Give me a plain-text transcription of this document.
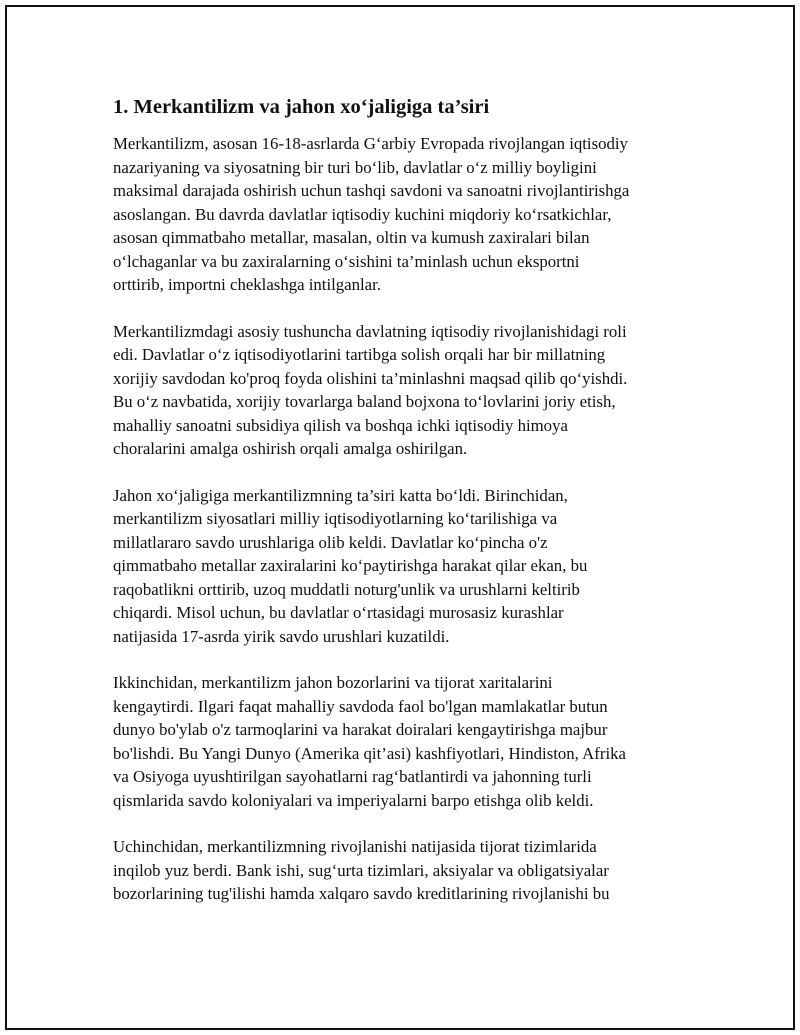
1. Merkantilizm va jahon xo‘jaligiga ta’siri

Merkantilizm, asosan 16-18-asrlarda G‘arbiy Evropada rivojlangan iqtisodiy
nazariyaning va siyosatning bir turi bo‘lib, davlatlar o‘z milliy boyligini
maksimal darajada oshirish uchun tashqi savdoni va sanoatni rivojlantirishga
asoslangan. Bu davrda davlatlar iqtisodiy kuchini miqdoriy ko‘rsatkichlar,
asosan qimmatbaho metallar, masalan, oltin va kumush zaxiralari bilan
o‘lchaganlar va bu zaxiralarning o‘sishini ta’minlash uchun eksportni
orttirib, importni cheklashga intilganlar.

Merkantilizmdagi asosiy tushuncha davlatning iqtisodiy rivojlanishidagi roli
edi. Davlatlar o‘z iqtisodiyotlarini tartibga solish orqali har bir millatning
xorijiy savdodan ko'proq foyda olishini ta’minlashni maqsad qilib qo‘yishdi.
Bu o‘z navbatida, xorijiy tovarlarga baland bojxona to‘lovlarini joriy etish,
mahalliy sanoatni subsidiya qilish va boshqa ichki iqtisodiy himoya
choralarini amalga oshirish orqali amalga oshirilgan.

Jahon xo‘jaligiga merkantilizmning ta’siri katta bo‘ldi. Birinchidan,
merkantilizm siyosatlari milliy iqtisodiyotlarning ko‘tarilishiga va
millatlararo savdo urushlariga olib keldi. Davlatlar ko‘pincha o'z
qimmatbaho metallar zaxiralarini ko‘paytirishga harakat qilar ekan, bu
raqobatlikni orttirib, uzoq muddatli noturg'unlik va urushlarni keltirib
chiqardi. Misol uchun, bu davlatlar o‘rtasidagi murosasiz kurashlar
natijasida 17-asrda yirik savdo urushlari kuzatildi.

Ikkinchidan, merkantilizm jahon bozorlarini va tijorat xaritalarini
kengaytirdi. Ilgari faqat mahalliy savdoda faol bo'lgan mamlakatlar butun
dunyo bo'ylab o'z tarmoqlarini va harakat doiralari kengaytirishga majbur
bo'lishdi. Bu Yangi Dunyo (Amerika qit’asi) kashfiyotlari, Hindiston, Afrika
va Osiyoga uyushtirilgan sayohatlarni rag‘batlantirdi va jahonning turli
qismlarida savdo koloniyalari va imperiyalarni barpo etishga olib keldi.

Uchinchidan, merkantilizmning rivojlanishi natijasida tijorat tizimlarida
inqilob yuz berdi. Bank ishi, sug‘urta tizimlari, aksiyalar va obligatsiyalar
bozorlarining tug'ilishi hamda xalqaro savdo kreditlarining rivojlanishi bu
